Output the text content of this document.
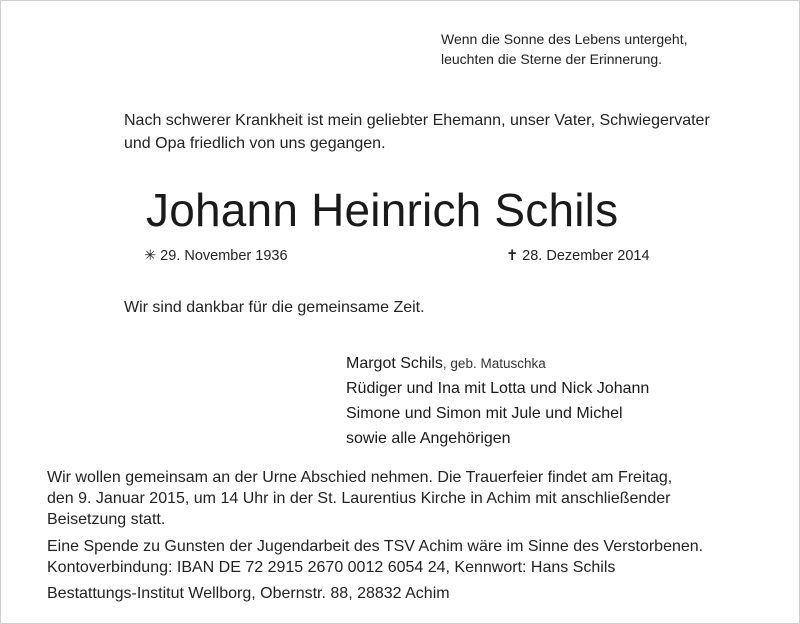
Wenn die Sonne des Lebens untergeht,
leuchten die Sterne der Erinnerung.
Nach schwerer Krankheit ist mein geliebter Ehemann, unser Vater, Schwiegervater
und Opa friedlich von uns gegangen.
Johann Heinrich Schils
✳ 29. November 1936	✝ 28. Dezember 2014
Wir sind dankbar für die gemeinsame Zeit.
Margot Schils, geb. Matuschka
Rüdiger und Ina mit Lotta und Nick Johann
Simone und Simon mit Jule und Michel
sowie alle Angehörigen
Wir wollen gemeinsam an der Urne Abschied nehmen. Die Trauerfeier findet am Freitag,
den 9. Januar 2015, um 14 Uhr in der St. Laurentius Kirche in Achim mit anschließender
Beisetzung statt.
Eine Spende zu Gunsten der Jugendarbeit des TSV Achim wäre im Sinne des Verstorbenen.
Kontoverbindung: IBAN DE 72 2915 2670 0012 6054 24, Kennwort: Hans Schils
Bestattungs-Institut Wellborg, Obernstr. 88, 28832 Achim
